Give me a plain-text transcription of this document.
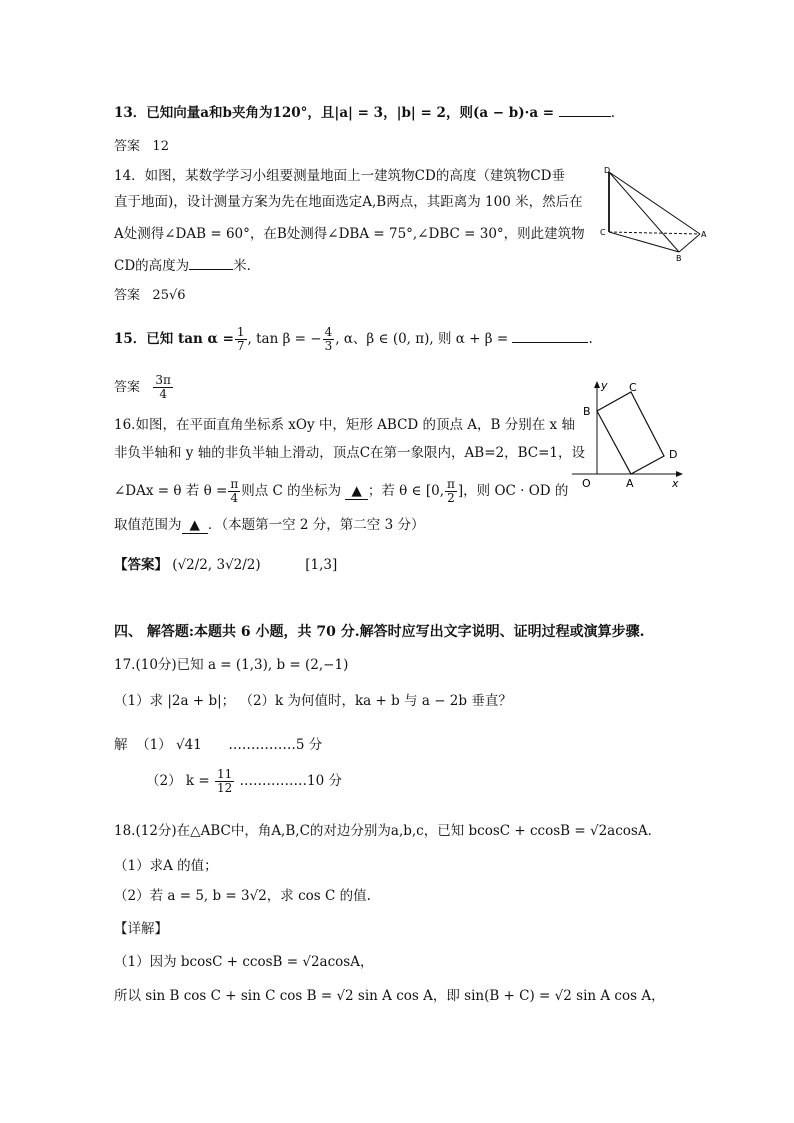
13．已知向量a和b夹角为120°，且|a| = 3，|b| = 2，则(a − b)·a =	.
答案 12
14．如图，某数学学习小组要测量地面上一建筑物CD的高度（建筑物CD垂
直于地面)，设计测量方案为先在地面选定A,B两点，其距离为 100 米，然后在
A处测得∠DAB = 60°，在B处测得∠DBA = 75°,∠DBC = 30°，则此建筑物
CD的高度为	米．
答案 25√6
D
C	A
B
15．已知 $\tan \alpha = \frac{1}{7}$ , tan β = − $\frac{4}{3}$ , α、β ∈ (0, π), 则 α + β =	.
答案 $\frac{3\pi}{4}$
16.如图，在平面直角坐标系 xOy 中，矩形 ABCD 的顶点 A，B 分别在 x 轴
非负半轴和 y 轴的非负半轴上滑动，顶点C在第一象限内，AB=2，BC=1，设
∠DAx = θ 若 $\theta = \frac{\pi}{4}$ 则点 C 的坐标为 ▲ ；若 θ ∈ [0, $\frac{\pi}{2}$ ]，则 OC · OD 的
取值范围为 ▲ ．（本题第一空 2 分，第二空 3 分）
【答案】 (√2/2, 3√2/2)	[1,3]
y
x
O	A
B
C
D
四、 解答题:本题共 6 小题，共 70 分.解答时应写出文字说明、证明过程或演算步骤.
17.(10分)已知 a = (1,3), b = (2,−1)
（1）求 |2a + b|； （2）k 为何值时，ka + b 与 a − 2b 垂直？
解 （1） √41 ……………5 分
（2） $k = \frac{11}{12}$ ……………10 分
18.(12分)在△ABC中，角A,B,C的对边分别为a,b,c，已知 bcosC + ccosB = √2acosA．
（1）求A 的值；
（2）若 a = 5, b = 3√2，求 cos C 的值.
【详解】
（1）因为 bcosC + ccosB = √2acosA，
所以 sin B cos C + sin C cos B = √2 sin A cos A，即 sin(B + C) = √2 sin A cos A，
